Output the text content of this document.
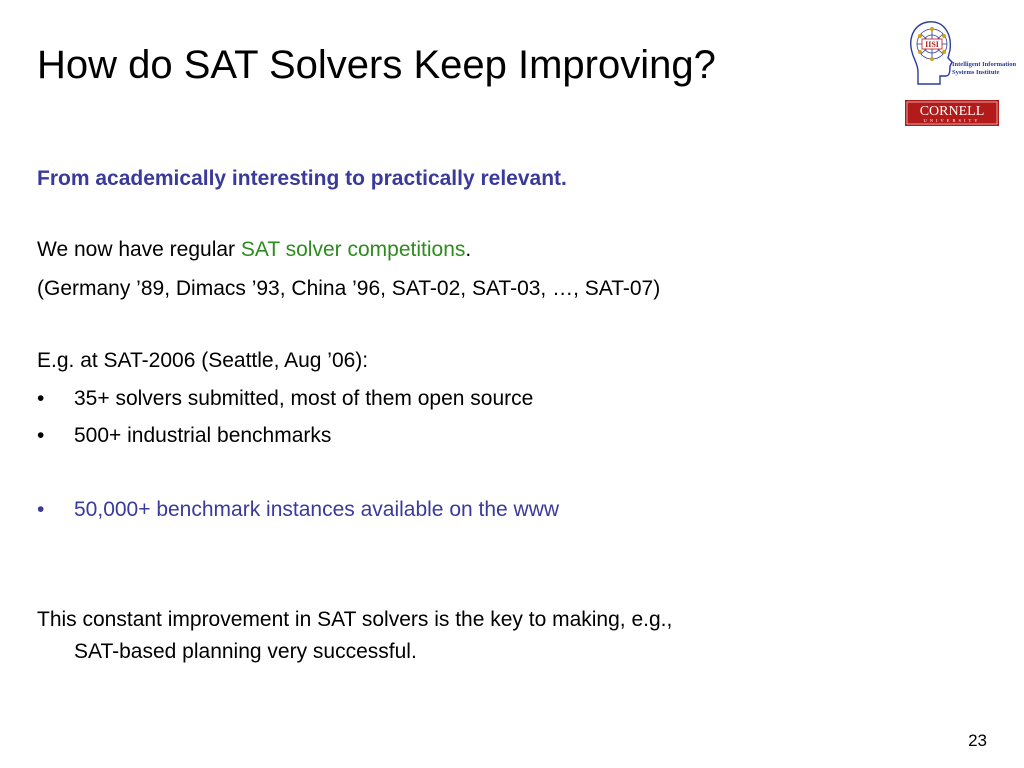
How do SAT Solvers Keep Improving?	IISI
Intelligent Information
Systems Institute
CORNELL
UNIVERSITY
From academically interesting to practically relevant.
We now have regular SAT solver competitions.
(Germany ’89, Dimacs ’93, China ’96, SAT-02, SAT-03, …, SAT-07)
E.g. at SAT-2006 (Seattle, Aug ’06):
• 35+ solvers submitted, most of them open source
• 500+ industrial benchmarks
• 50,000+ benchmark instances available on the www
This constant improvement in SAT solvers is the key to making, e.g.,
SAT-based planning very successful.
23
